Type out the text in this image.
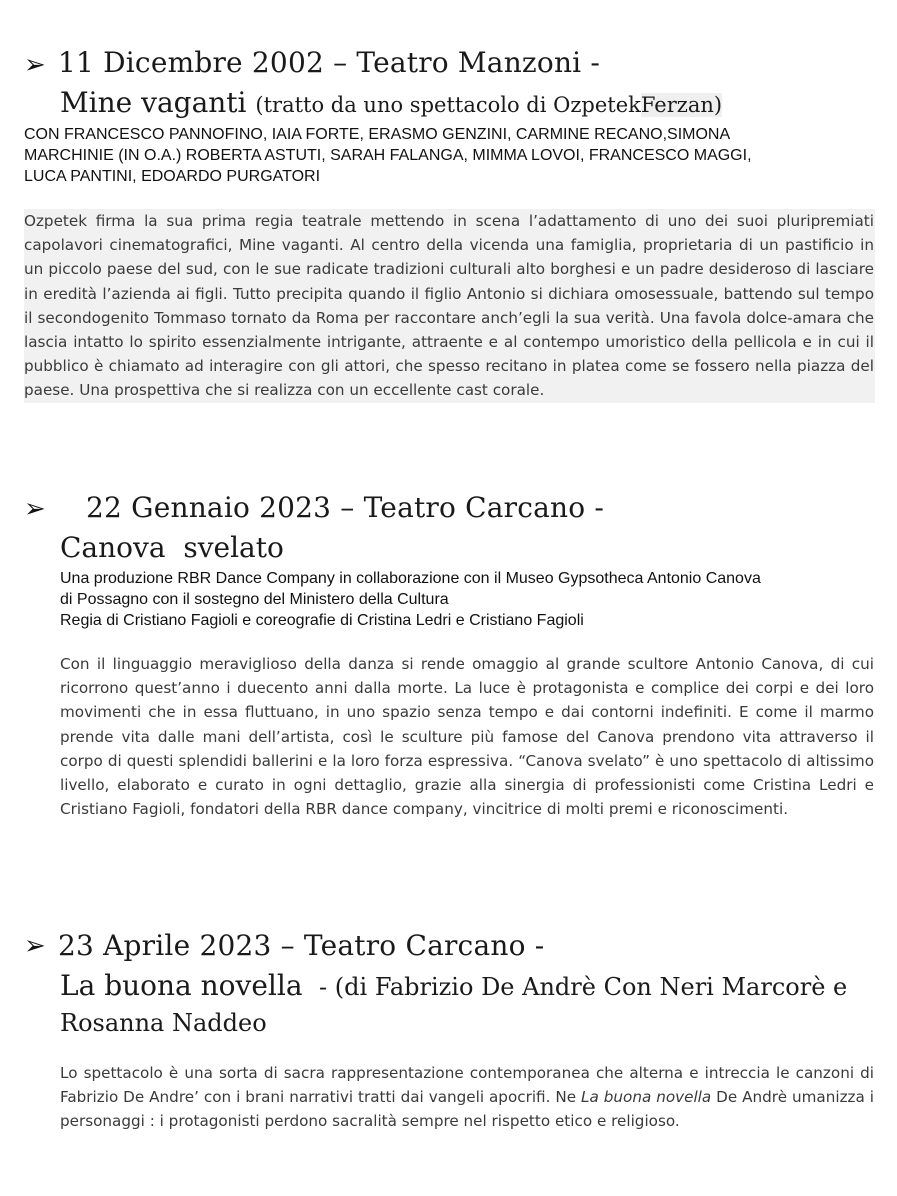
➢ 11 Dicembre 2002 – Teatro Manzoni -
Mine vaganti (tratto da uno spettacolo di OzpetekFerzan)
CON FRANCESCO PANNOFINO, IAIA FORTE, ERASMO GENZINI, CARMINE RECANO,SIMONA
MARCHINIE (IN O.A.) ROBERTA ASTUTI, SARAH FALANGA, MIMMA LOVOI, FRANCESCO MAGGI,
LUCA PANTINI, EDOARDO PURGATORI

Ozpetek firma la sua prima regia teatrale mettendo in scena l’adattamento di uno dei suoi pluripremiati capolavori cinematografici, Mine vaganti. Al centro della vicenda una famiglia, proprietaria di un pastificio in un piccolo paese del sud, con le sue radicate tradizioni culturali alto borghesi e un padre desideroso di lasciare in eredità l’azienda ai figli. Tutto precipita quando il figlio Antonio si dichiara omosessuale, battendo sul tempo il secondogenito Tommaso tornato da Roma per raccontare anch’egli la sua verità. Una favola dolce-amara che lascia intatto lo spirito essenzialmente intrigante, attraente e al contempo umoristico della pellicola e in cui il pubblico è chiamato ad interagire con gli attori, che spesso recitano in platea come se fossero nella piazza del paese. Una prospettiva che si realizza con un eccellente cast corale.

➢ 22 Gennaio 2023 – Teatro Carcano -
Canova  svelato
Una produzione RBR Dance Company in collaborazione con il Museo Gypsotheca Antonio Canova
di Possagno con il sostegno del Ministero della Cultura
Regia di Cristiano Fagioli e coreografie di Cristina Ledri e Cristiano Fagioli

Con il linguaggio meraviglioso della danza si rende omaggio al grande scultore Antonio Canova, di cui ricorrono quest’anno i duecento anni dalla morte. La luce è protagonista e complice dei corpi e dei loro movimenti che in essa fluttuano, in uno spazio senza tempo e dai contorni indefiniti. E come il marmo prende vita dalle mani dell’artista, così le sculture più famose del Canova prendono vita attraverso il corpo di questi splendidi ballerini e la loro forza espressiva. “Canova svelato” è uno spettacolo di altissimo livello, elaborato e curato in ogni dettaglio, grazie alla sinergia di professionisti come Cristina Ledri e Cristiano Fagioli, fondatori della RBR dance company, vincitrice di molti premi e riconoscimenti.

➢ 23 Aprile 2023 – Teatro Carcano -
La buona novella  - (di Fabrizio De Andrè Con Neri Marcorè e
Rosanna Naddeo

Lo spettacolo è una sorta di sacra rappresentazione contemporanea che alterna e intreccia le canzoni di Fabrizio De Andre’ con i brani narrativi tratti dai vangeli apocrifi. Ne La buona novella De Andrè umanizza i personaggi : i protagonisti perdono sacralità sempre nel rispetto etico e religioso.
